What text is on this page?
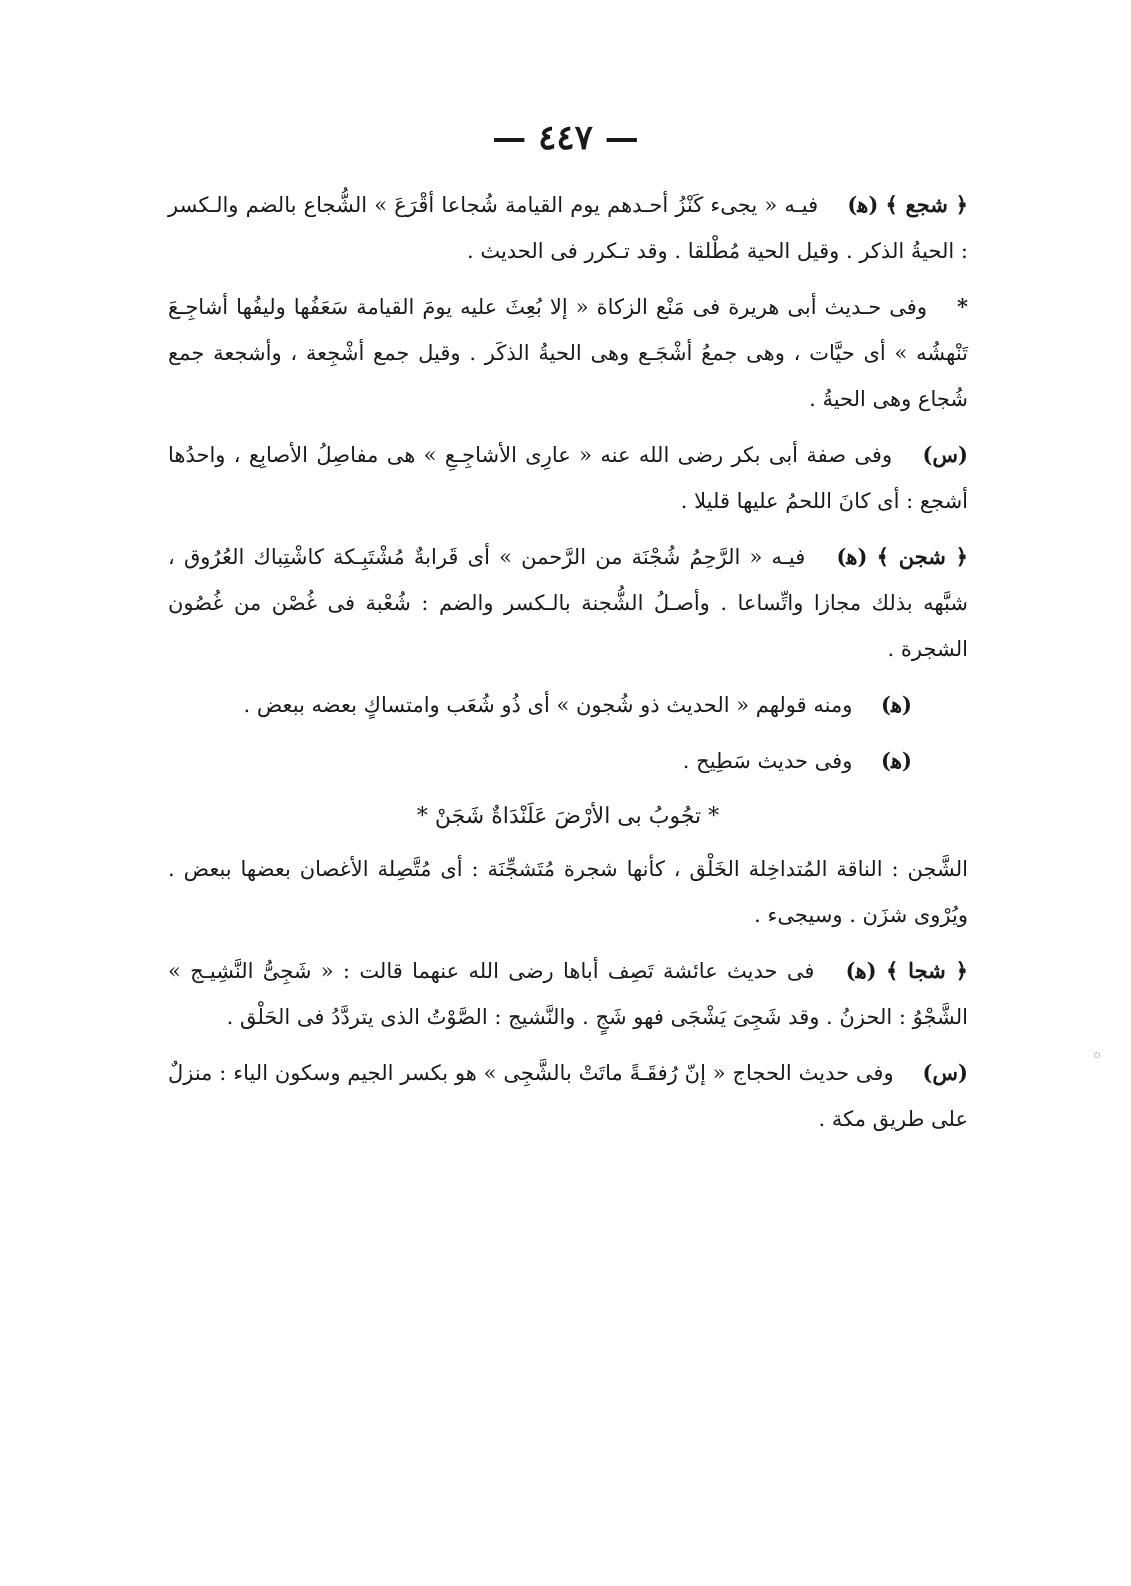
— ٤٤٧ —

﴿ شجع ﴾ (ﻫ) فيـه « يجىء كَنْزُ أحـدهم يوم القيامة شُجاعا أقْرَعَ » الشُّجاع بالضم والـكسر : الحيةُ الذكر . وقيل الحية مُطْلقا . وقد تـكرر فى الحديث .

* وفى حـديث أبى هريرة فى مَنْع الزكاة « إلا بُعِثَ عليه يومَ القيامة سَعَفُها وليفُها أشاجِـعَ تَنْهشُه » أى حيَّات ، وهى جمعُ أشْجَـع وهى الحيةُ الذكَر . وقيل جمع أشْجِعة ، وأشجعة جمع شُجاع وهى الحيةُ .

(س) وفى صفة أبى بكر رضى الله عنه « عارِى الأشاجِـعِ » هى مفاصِلُ الأصابِع ، واحدُها أشجع : أى كانَ اللحمُ عليها قليلا .

﴿ شجن ﴾ (ﻫ) فيـه « الرَّحِمُ شُجْنَة من الرَّحمن » أى قَرابةٌ مُشْتَبِـكة كاشْتِباك العُرُوق ، شبَّهه بذلك مجازا واتِّساعا . وأصـلُ الشُّجنة بالـكسر والضم : شُعْبة فى غُصْن من غُصُون الشجرة .

(ﻫ) ومنه قولهم « الحديث ذو شُجون » أى ذُو شُعَب وامتساكٍ بعضه ببعض .

(ﻫ) وفى حديث سَطِيح .

* تجُوبُ بى الأرْضَ عَلَنْدَاةٌ شَجَنْ *

الشَّجن : الناقة المُتداخِلة الخَلْق ، كأنها شجرة مُتَشجِّنَة : أى مُتَّصِلة الأغصان بعضها ببعض . ويُرْوى شزَن . وسيجىء .

﴿ شجا ﴾ (ﻫ) فى حديث عائشة تَصِف أباها رضى الله عنهما قالت : « شَجِىُّ النَّشِيـج » الشَّجْوُ : الحزنُ . وقد شَجِىَ يَشْجَى فهو شَجٍ . والنَّشيج : الصَّوْتُ الذى يتردَّدُ فى الحَلْق .

(س) وفى حديث الحجاج « إنّ رُفقَـةً ماتَتْ بالشَّجِى » هو بكسر الجيم وسكون الياء : منزلٌ على طريق مكة .
